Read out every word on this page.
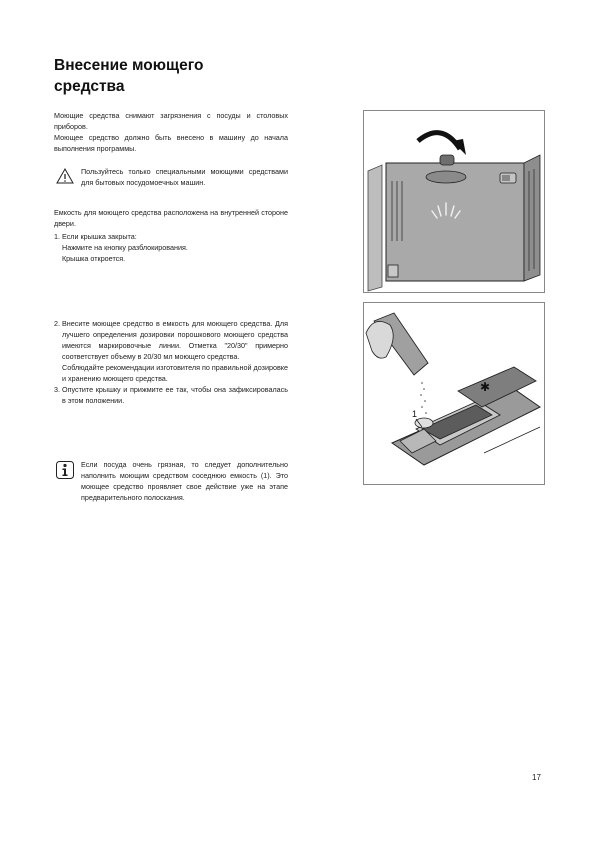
Внесение моющего
средства

Моющие средства снимают загрязнения с посуды и столовых приборов.

Моющее средство должно быть внесено в машину до начала выполнения программы.

Пользуйтесь только специальными моющими средствами для бытовых посудомоечных машин.

Емкость для моющего средства расположена на внутренней стороне двери.

1. Если крышка закрыта:
Нажмите на кнопку разблокирования.
Крышка откроется.
2. Внесите моющее средство в емкость для моющего средства. Для лучшего определения дозировки порошкового моющего средства имеются маркировочные линии. Отметка "20/30" примерно соответствует объему в 20/30 мл моющего средства.
Соблюдайте рекомендации изготовителя по правильной дозировке и хранению моющего средства.
3. Опустите крышку и прижмите ее так, чтобы она зафиксировалась в этом положении.
Если посуда очень грязная, то следует дополнительно наполнить моющим средством соседнюю емкость (1). Это моющее средство проявляет свое действие уже на этапе предварительного полоскания.
✱
1
17
